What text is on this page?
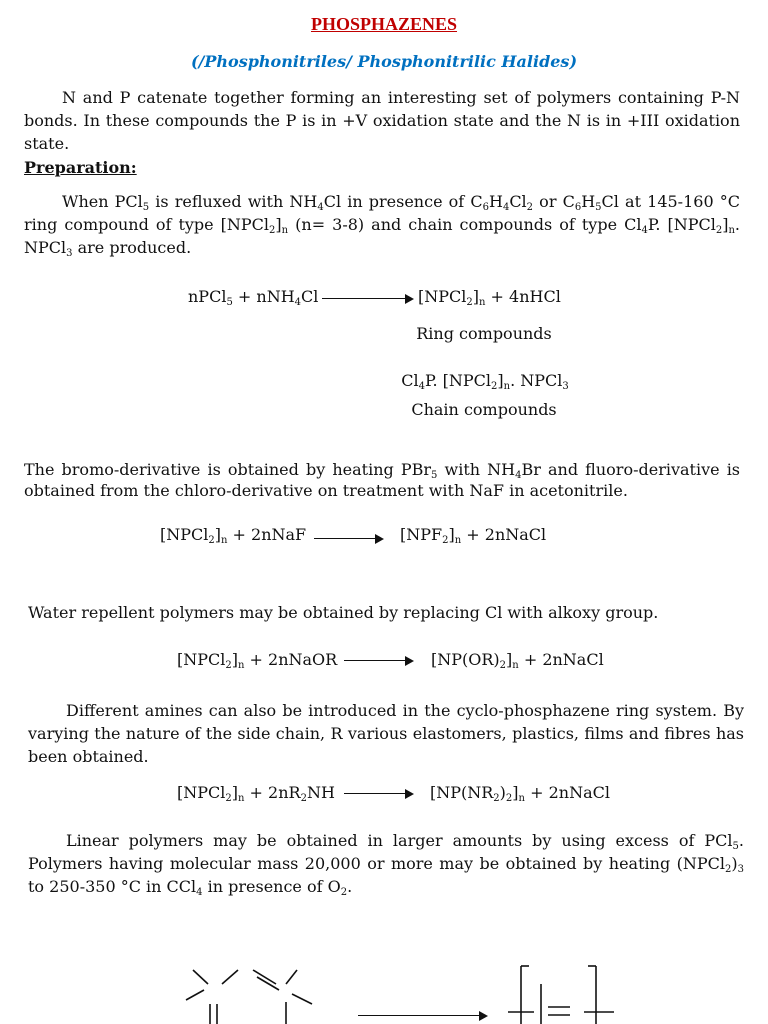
PHOSPHAZENES
(/Phosphonitriles/ Phosphonitrilic Halides)
N and P catenate together forming an interesting set of polymers containing P-N bonds. In these compounds the P is in +V oxidation state and the N is in +III oxidation state.
Preparation:
When PCl$_5$ is refluxed with $NH_4Cl$ in presence of $C_6H_4Cl_2$ or $C_6H_5Cl$ at 145-160 °C ring compound of type $[NPCl_2]_n$ (n= 3-8) and chain compounds of type $Cl_4P$. $[NPCl_2]_n$. NPCl$_3$ are produced.
nPCl$_5$ + nNH$_4$Cl	$[NPCl_2]_n$ + 4nHCl
Ring compounds
$Cl_4P$. $[NPCl_2]_n$. NPCl$_3$
Chain compounds
The bromo-derivative is obtained by heating PBr$_5$ with $NH_4Br$ and fluoro-derivative is obtained from the chloro-derivative on treatment with NaF in acetonitrile.
$[NPCl_2]_n$ + 2nNaF	$[NPF_2]_n$ + 2nNaCl
Water repellent polymers may be obtained by replacing Cl with alkoxy group.
$[NPCl_2]_n$ + 2nNaOR	$[NP(OR)_2]_n$ + 2nNaCl
Different amines can also be introduced in the cyclo-phosphazene ring system. By varying the nature of the side chain, R various elastomers, plastics, films and fibres has been obtained.
$[NPCl_2]_n + 2nR_2NH$	$[NP(NR_2)_2]_n$ + 2nNaCl
Linear polymers may be obtained in larger amounts by using excess of PCl$_5$. Polymers having molecular mass 20,000 or more may be obtained by heating $(NPCl_2)_3$ to 250-350 °C in CCl$_4$ in presence of $O_2$.
